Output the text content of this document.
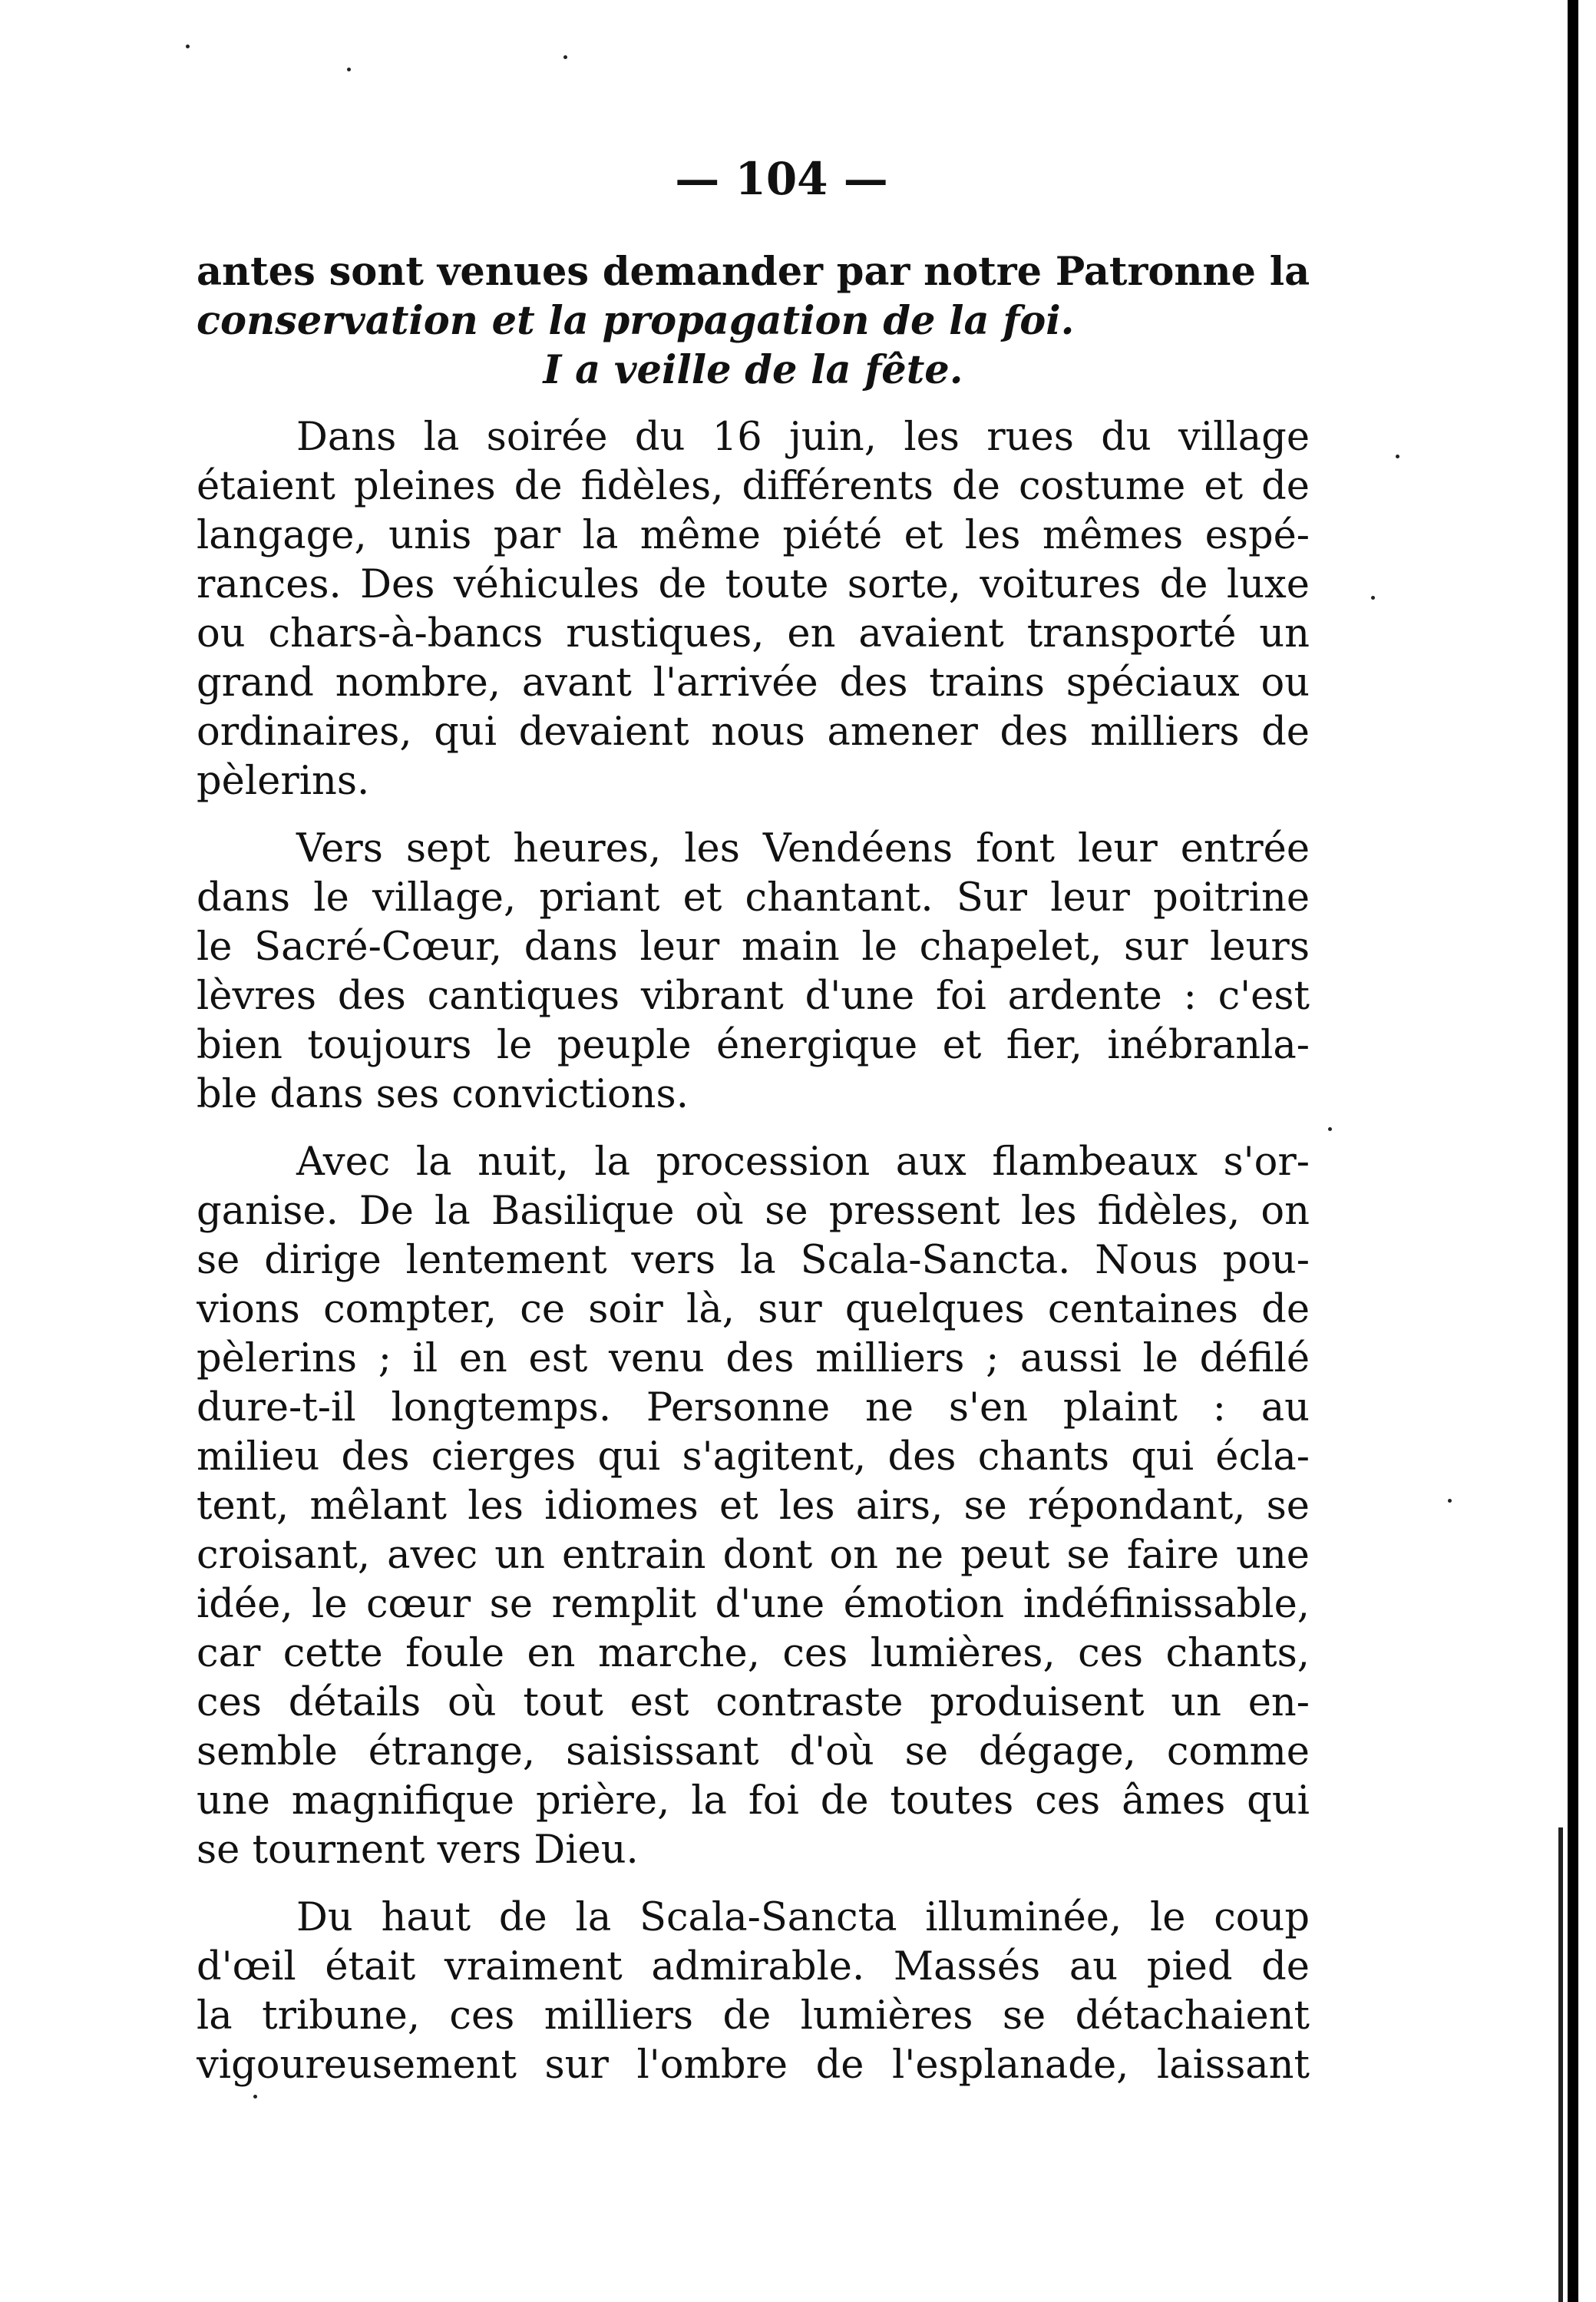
— 104 —
antes sont venues demander par notre Patronne la
conservation et la propagation de la foi.
I a veille de la fête.
Dans la soirée du 16 juin, les rues du village
étaient pleines de fidèles, différents de costume et de
langage, unis par la même piété et les mêmes espé-
rances. Des véhicules de toute sorte, voitures de luxe
ou chars-à-bancs rustiques, en avaient transporté un
grand nombre, avant l'arrivée des trains spéciaux ou
ordinaires, qui devaient nous amener des milliers de
pèlerins.
Vers sept heures, les Vendéens font leur entrée
dans le village, priant et chantant. Sur leur poitrine
le Sacré-Cœur, dans leur main le chapelet, sur leurs
lèvres des cantiques vibrant d'une foi ardente : c'est
bien toujours le peuple énergique et fier, inébranla-
ble dans ses convictions.
Avec la nuit, la procession aux flambeaux s'or-
ganise. De la Basilique où se pressent les fidèles, on
se dirige lentement vers la Scala-Sancta. Nous pou-
vions compter, ce soir là, sur quelques centaines de
pèlerins ; il en est venu des milliers ; aussi le défilé
dure-t-il longtemps. Personne ne s'en plaint : au
milieu des cierges qui s'agitent, des chants qui écla-
tent, mêlant les idiomes et les airs, se répondant, se
croisant, avec un entrain dont on ne peut se faire une
idée, le cœur se remplit d'une émotion indéfinissable,
car cette foule en marche, ces lumières, ces chants,
ces détails où tout est contraste produisent un en-
semble étrange, saisissant d'où se dégage, comme
une magnifique prière, la foi de toutes ces âmes qui
se tournent vers Dieu.
Du haut de la Scala-Sancta illuminée, le coup
d'œil était vraiment admirable. Massés au pied de
la tribune, ces milliers de lumières se détachaient
vigoureusement sur l'ombre de l'esplanade, laissant
